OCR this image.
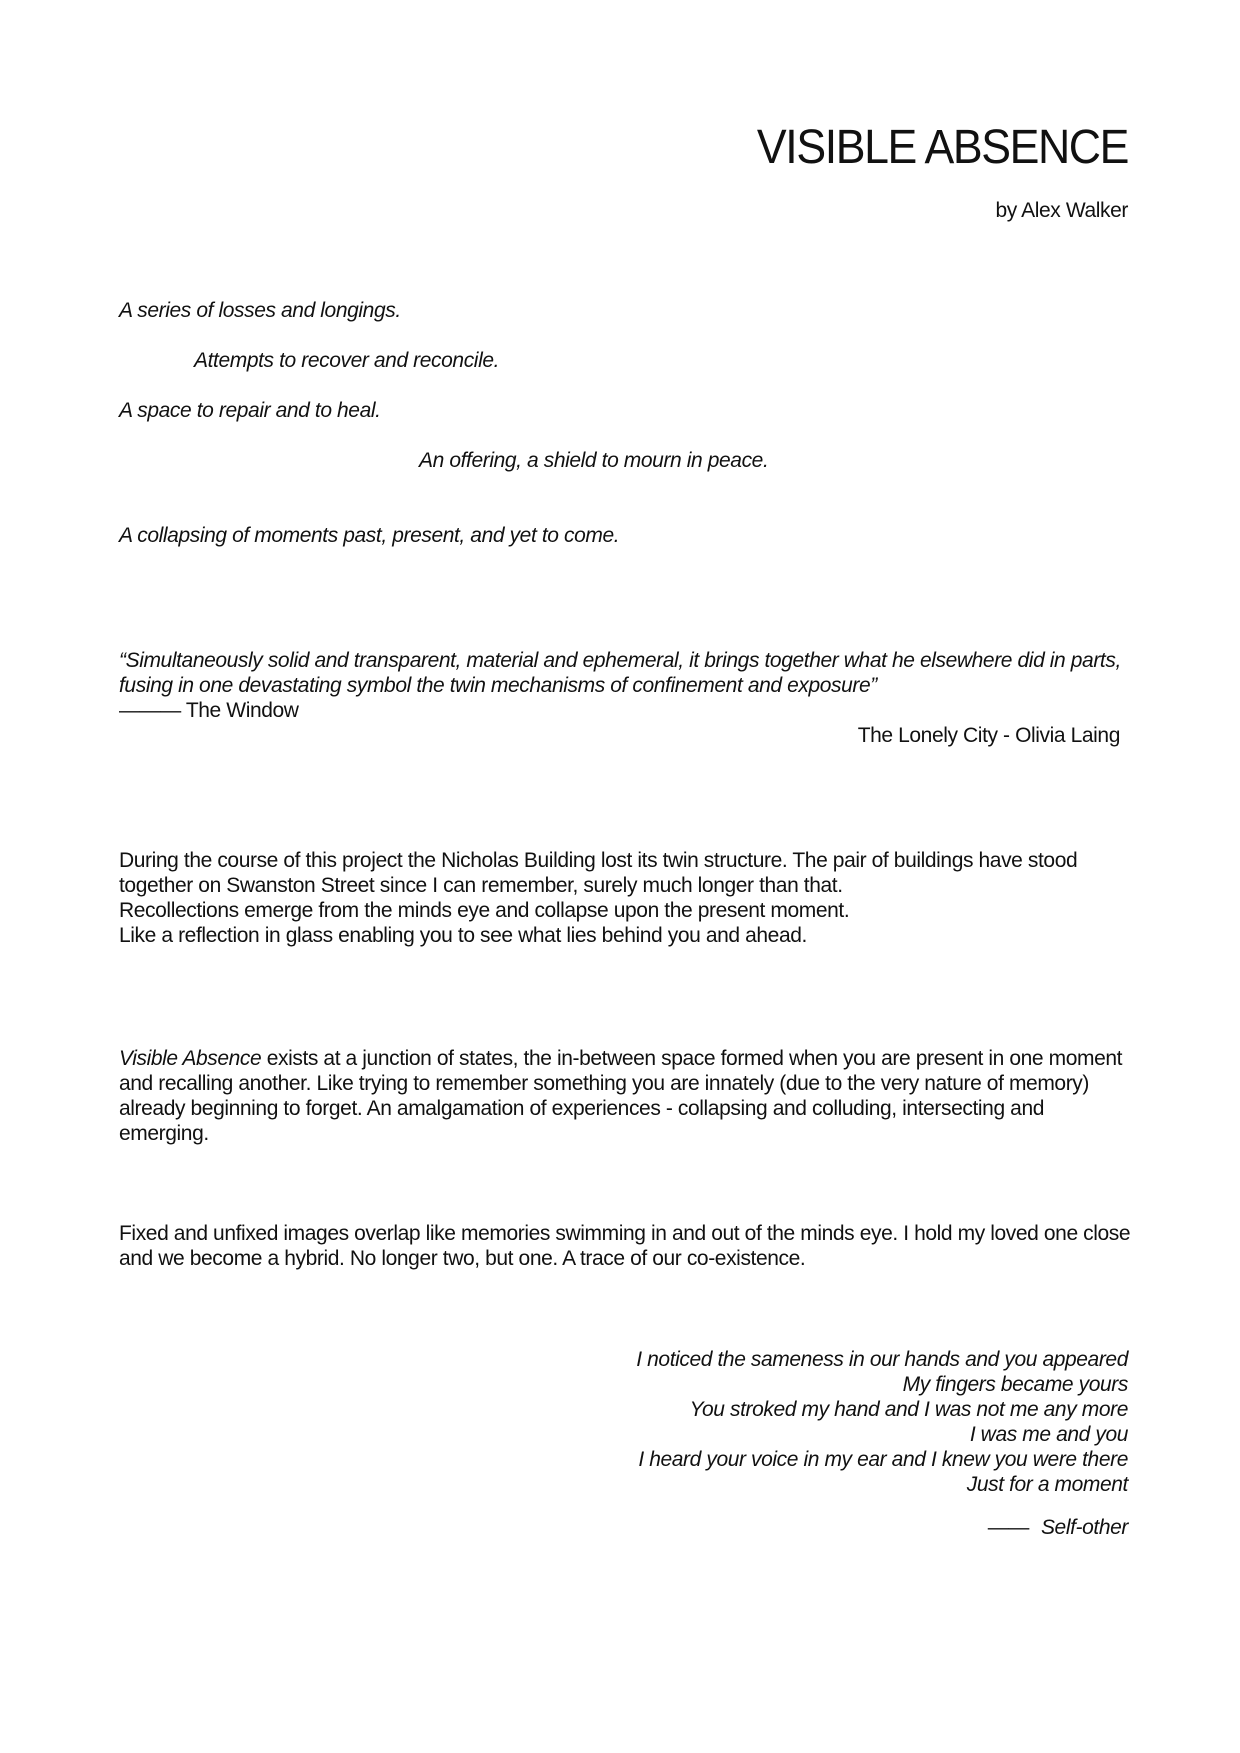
VISIBLE ABSENCE
by Alex Walker
A series of losses and longings.
Attempts to recover and reconcile.
A space to repair and to heal.
An offering, a shield to mourn in peace.
A collapsing of moments past, present, and yet to come.
“Simultaneously solid and transparent, material and ephemeral, it brings together what he elsewhere did in parts, fusing in one devastating symbol the twin mechanisms of confinement and exposure”
——— The Window
The Lonely City - Olivia Laing
During the course of this project the Nicholas Building lost its twin structure. The pair of buildings have stood together on Swanston Street since I can remember, surely much longer than that.
Recollections emerge from the minds eye and collapse upon the present moment.
Like a reflection in glass enabling you to see what lies behind you and ahead.
Visible Absence exists at a junction of states, the in-between space formed when you are present in one moment and recalling another. Like trying to remember something you are innately (due to the very nature of memory) already beginning to forget. An amalgamation of experiences - collapsing and colluding, intersecting and emerging.
Fixed and unfixed images overlap like memories swimming in and out of the minds eye. I hold my loved one close and we become a hybrid. No longer two, but one. A trace of our co-existence.
I noticed the sameness in our hands and you appeared
My fingers became yours
You stroked my hand and I was not me any more
I was me and you
I heard your voice in my ear and I knew you were there
Just for a moment
—— Self-other
